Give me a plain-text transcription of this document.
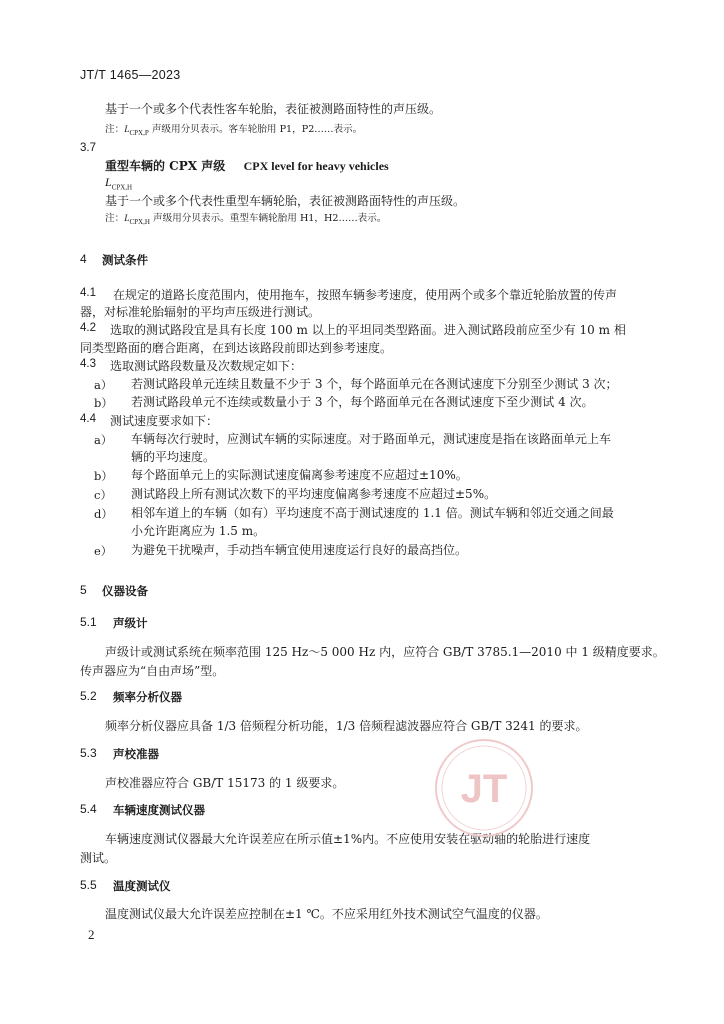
JT/T 1465—2023
基于一个或多个代表性客车轮胎，表征被测路面特性的声压级。
注：$L_{CPX,P}$ 声级用分贝表示。客车轮胎用 P1，P2……表示。
3.7
重型车辆的 CPX 声级 CPX level for heavy vehicles
$L_{CPX,H}$
基于一个或多个代表性重型车辆轮胎，表征被测路面特性的声压级。
注：$L_{CPX,H}$ 声级用分贝表示。重型车辆轮胎用 H1，H2……表示。
4 测试条件
4.1 在规定的道路长度范围内，使用拖车，按照车辆参考速度，使用两个或多个靠近轮胎放置的传声
器，对标准轮胎辐射的平均声压级进行测试。
4.2 选取的测试路段宜是具有长度 100 m 以上的平坦同类型路面。进入测试路段前应至少有 10 m 相
同类型路面的磨合距离，在到达该路段前即达到参考速度。
4.3 选取测试路段数量及次数规定如下：
a） 若测试路段单元连续且数量不少于 3 个，每个路面单元在各测试速度下分别至少测试 3 次；
b） 若测试路段单元不连续或数量小于 3 个，每个路面单元在各测试速度下至少测试 4 次。
4.4 测试速度要求如下：
a） 车辆每次行驶时，应测试车辆的实际速度。对于路面单元，测试速度是指在该路面单元上车
辆的平均速度。
b） 每个路面单元上的实际测试速度偏离参考速度不应超过±10%。
c） 测试路段上所有测试次数下的平均速度偏离参考速度不应超过±5%。
d） 相邻车道上的车辆（如有）平均速度不高于测试速度的 1.1 倍。测试车辆和邻近交通之间最
小允许距离应为 1.5 m。
e） 为避免干扰噪声，手动挡车辆宜使用速度运行良好的最高挡位。
5 仪器设备
5.1 声级计
声级计或测试系统在频率范围 125 Hz～5 000 Hz 内，应符合 GB/T 3785.1—2010 中 1 级精度要求。
传声器应为“自由声场”型。
5.2 频率分析仪器
频率分析仪器应具备 1/3 倍频程分析功能，1/3 倍频程滤波器应符合 GB/T 3241 的要求。
5.3 声校准器
声校准器应符合 GB/T 15173 的 1 级要求。
5.4 车辆速度测试仪器
车辆速度测试仪器最大允许误差应在所示值±1%内。不应使用安装在驱动轴的轮胎进行速度
测试。
5.5 温度测试仪
温度测试仪最大允许误差应控制在±1 ℃。不应采用红外技术测试空气温度的仪器。
JT
2
